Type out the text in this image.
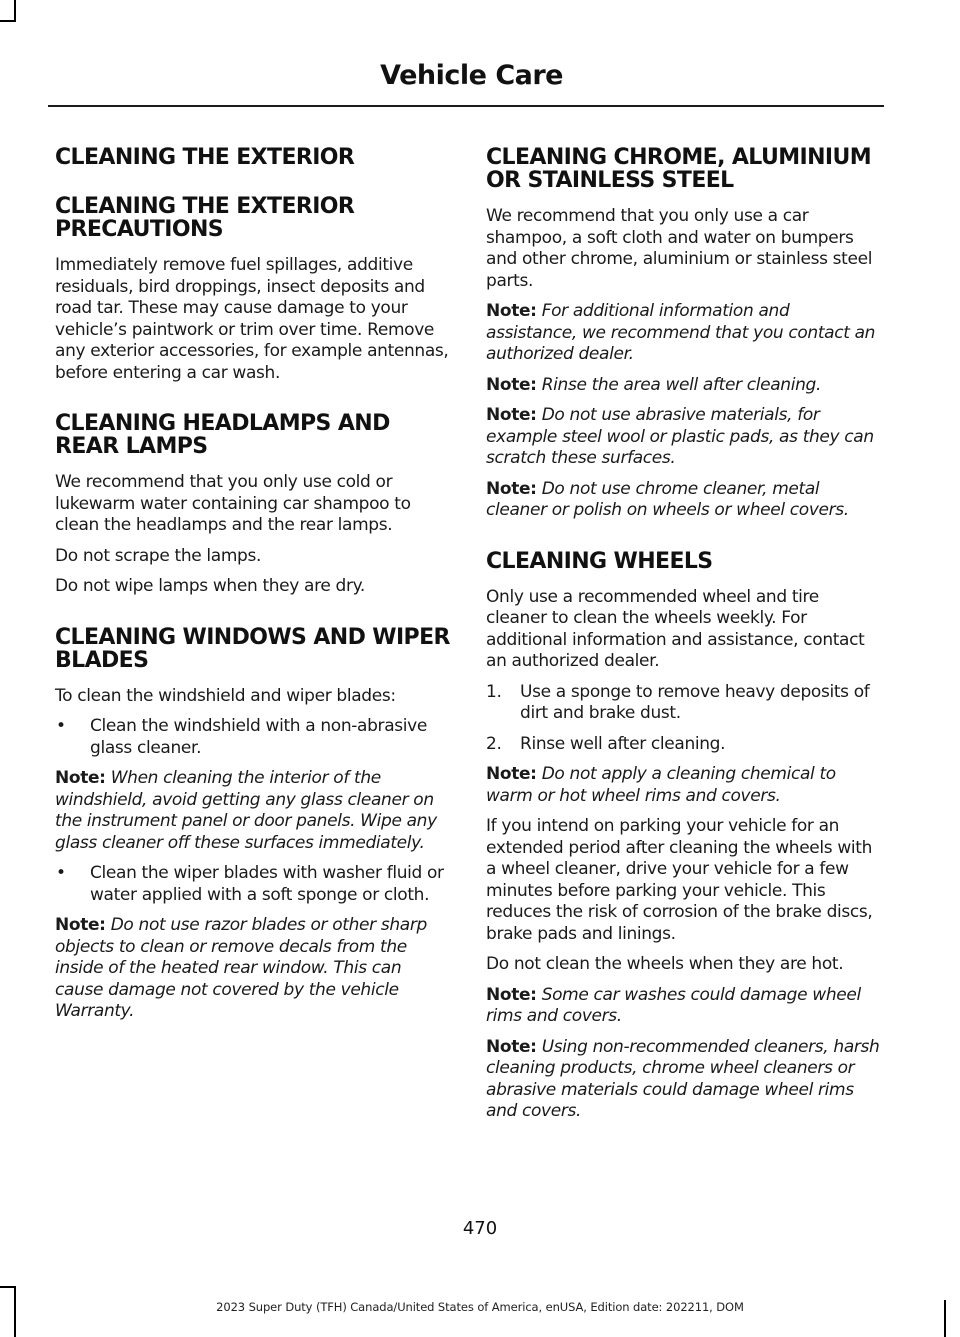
Vehicle Care
CLEANING THE EXTERIOR
CLEANING THE EXTERIOR PRECAUTIONS

Immediately remove fuel spillages, additive residuals, bird droppings, insect deposits and road tar. These may cause damage to your vehicle’s paintwork or trim over time. Remove any exterior accessories, for example antennas, before entering a car wash.

CLEANING HEADLAMPS AND REAR LAMPS

We recommend that you only use cold or lukewarm water containing car shampoo to clean the headlamps and the rear lamps.

Do not scrape the lamps.

Do not wipe lamps when they are dry.

CLEANING WINDOWS AND WIPER BLADES

To clean the windshield and wiper blades:

•	Clean the windshield with a non-abrasive glass cleaner.

Note: When cleaning the interior of the windshield, avoid getting any glass cleaner on the instrument panel or door panels. Wipe any glass cleaner off these surfaces immediately.

•	Clean the wiper blades with washer fluid or water applied with a soft sponge or cloth.

Note: Do not use razor blades or other sharp objects to clean or remove decals from the inside of the heated rear window. This can cause damage not covered by the vehicle Warranty.

CLEANING CHROME, ALUMINIUM OR STAINLESS STEEL

We recommend that you only use a car shampoo, a soft cloth and water on bumpers and other chrome, aluminium or stainless steel parts.

Note: For additional information and assistance, we recommend that you contact an authorized dealer.

Note: Rinse the area well after cleaning.

Note: Do not use abrasive materials, for example steel wool or plastic pads, as they can scratch these surfaces.

Note: Do not use chrome cleaner, metal cleaner or polish on wheels or wheel covers.

CLEANING WHEELS

Only use a recommended wheel and tire cleaner to clean the wheels weekly. For additional information and assistance, contact an authorized dealer.

1.	Use a sponge to remove heavy deposits of dirt and brake dust.
2.	Rinse well after cleaning.

Note: Do not apply a cleaning chemical to warm or hot wheel rims and covers.

If you intend on parking your vehicle for an extended period after cleaning the wheels with a wheel cleaner, drive your vehicle for a few minutes before parking your vehicle. This reduces the risk of corrosion of the brake discs, brake pads and linings.

Do not clean the wheels when they are hot.

Note: Some car washes could damage wheel rims and covers.

Note: Using non-recommended cleaners, harsh cleaning products, chrome wheel cleaners or abrasive materials could damage wheel rims and covers.

470
2023 Super Duty (TFH) Canada/United States of America, enUSA, Edition date: 202211, DOM
